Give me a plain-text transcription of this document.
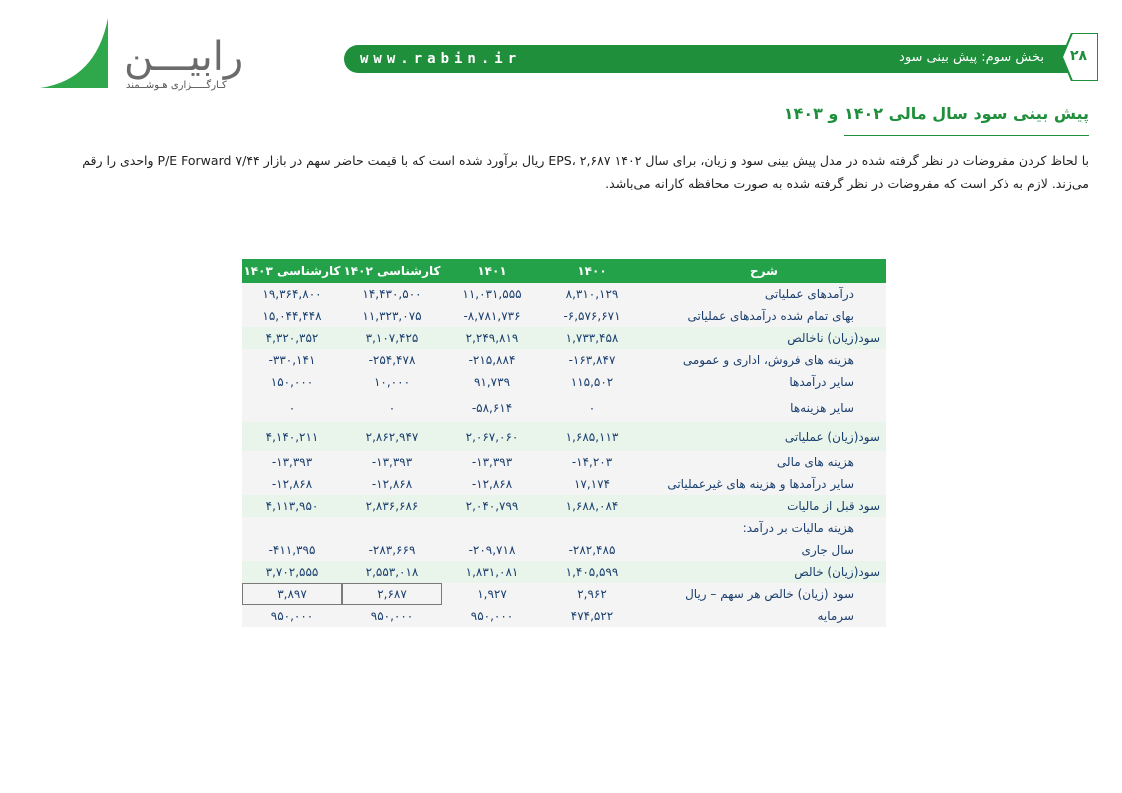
رابیـــن
کـارگـــــزاری هـوشــمند
www.rabin.ir	بخش سوم: پیش بینی سود ۲۸
پیش بینی سود سال مالی ۱۴۰۲ و ۱۴۰۳
با لحاظ کردن مفروضات در نظر گرفته شده در مدل پیش بینی سود و زیان، برای سال ۱۴۰۲ EPS، ۲,۶۸۷ ریال برآورد شده است که با قیمت حاضر سهم در بازار P/E Forward ۷/۴۴ واحدی را رقم می‌زند. لازم به ذکر است که مفروضات در نظر گرفته شده به صورت محافظه کارانه می‌باشد.
کارشناسی ۱۴۰۳	کارشناسی ۱۴۰۲	۱۴۰۱	۱۴۰۰	شرح
۱۹,۳۶۴,۸۰۰	۱۴,۴۳۰,۵۰۰	۱۱,۰۳۱,۵۵۵	۸,۳۱۰,۱۲۹	درآمدهای عملیاتی
۱۵,۰۴۴,۴۴۸	۱۱,۳۲۳,۰۷۵	-۸,۷۸۱,۷۳۶	-۶,۵۷۶,۶۷۱	بهای تمام شده درآمدهای عملیاتی
۴,۳۲۰,۳۵۲	۳,۱۰۷,۴۲۵	۲,۲۴۹,۸۱۹	۱,۷۳۳,۴۵۸	سود(زیان) ناخالص
-۳۳۰,۱۴۱	-۲۵۴,۴۷۸	-۲۱۵,۸۸۴	-۱۶۳,۸۴۷	هزینه های فروش، اداری و عمومی
۱۵۰,۰۰۰	۱۰,۰۰۰	۹۱,۷۳۹	۱۱۵,۵۰۲	سایر درآمدها
۰	۰	-۵۸,۶۱۴	۰	سایر هزینه‌ها
۴,۱۴۰,۲۱۱	۲,۸۶۲,۹۴۷	۲,۰۶۷,۰۶۰	۱,۶۸۵,۱۱۳	سود(زیان) عملیاتی
-۱۳,۳۹۳	-۱۳,۳۹۳	-۱۳,۳۹۳	-۱۴,۲۰۳	هزینه های مالی
-۱۲,۸۶۸	-۱۲,۸۶۸	-۱۲,۸۶۸	۱۷,۱۷۴	سایر درآمدها و هزینه های غیرعملیاتی
۴,۱۱۳,۹۵۰	۲,۸۳۶,۶۸۶	۲,۰۴۰,۷۹۹	۱,۶۸۸,۰۸۴	سود قبل از مالیات
				هزینه مالیات بر درآمد:
-۴۱۱,۳۹۵	-۲۸۳,۶۶۹	-۲۰۹,۷۱۸	-۲۸۲,۴۸۵	سال جاری
۳,۷۰۲,۵۵۵	۲,۵۵۳,۰۱۸	۱,۸۳۱,۰۸۱	۱,۴۰۵,۵۹۹	سود(زیان) خالص
۳,۸۹۷	۲,۶۸۷	۱,۹۲۷	۲,۹۶۲	سود (زیان) خالص هر سهم – ریال
۹۵۰,۰۰۰	۹۵۰,۰۰۰	۹۵۰,۰۰۰	۴۷۴,۵۲۲	سرمایه
